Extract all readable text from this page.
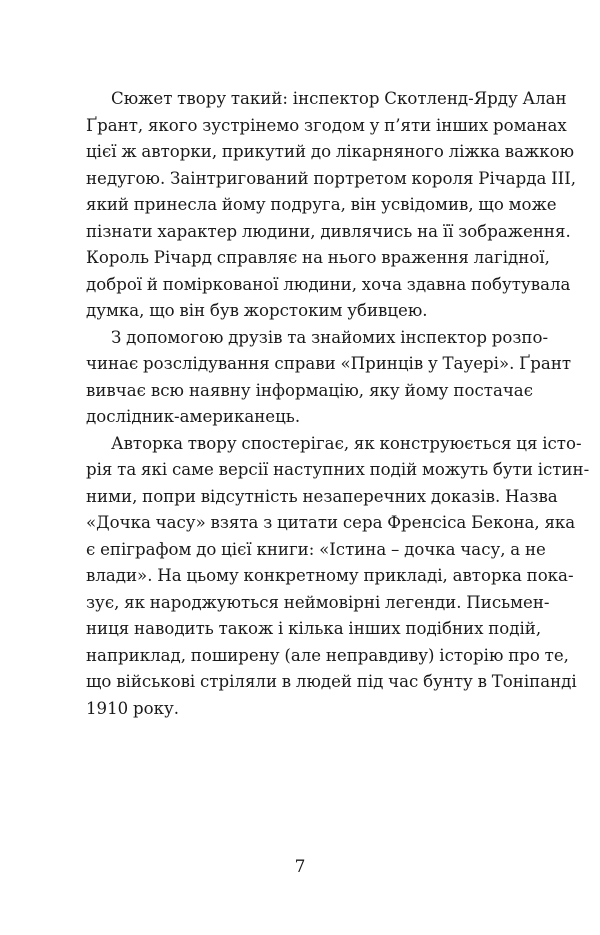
Сюжет твору такий: інспектор Скотленд-Ярду Алан
Ґрант, якого зустрінемо згодом у п’яти інших романах
цієї ж авторки, прикутий до лікарняного ліжка важкою
недугою. Заінтригований портретом короля Річарда III,
який принесла йому подруга, він усвідомив, що може
пізнати характер людини, дивлячись на її зображення.
Король Річард справляє на нього враження лагідної,
доброї й поміркованої людини, хоча здавна побутувала
думка, що він був жорстоким убивцею.
З допомогою друзів та знайомих інспектор розпо-
чинає розслідування справи «Принців у Тауері». Ґрант
вивчає всю наявну інформацію, яку йому постачає
дослідник-американець.
Авторка твору спостерігає, як конструюється ця істо-
рія та які саме версії наступних подій можуть бути істин-
ними, попри відсутність незаперечних доказів. Назва
«Дочка часу» взята з цитати сера Френсіса Бекона, яка
є епіграфом до цієї книги: «Істина – дочка часу, а не
влади». На цьому конкретному прикладі, авторка пока-
зує, як народжуються неймовірні легенди. Письмен-
ниця наводить також і кілька інших подібних подій,
наприклад, поширену (але неправдиву) історію про те,
що військові стріляли в людей під час бунту в Тоніпанді
1910 року.
7
